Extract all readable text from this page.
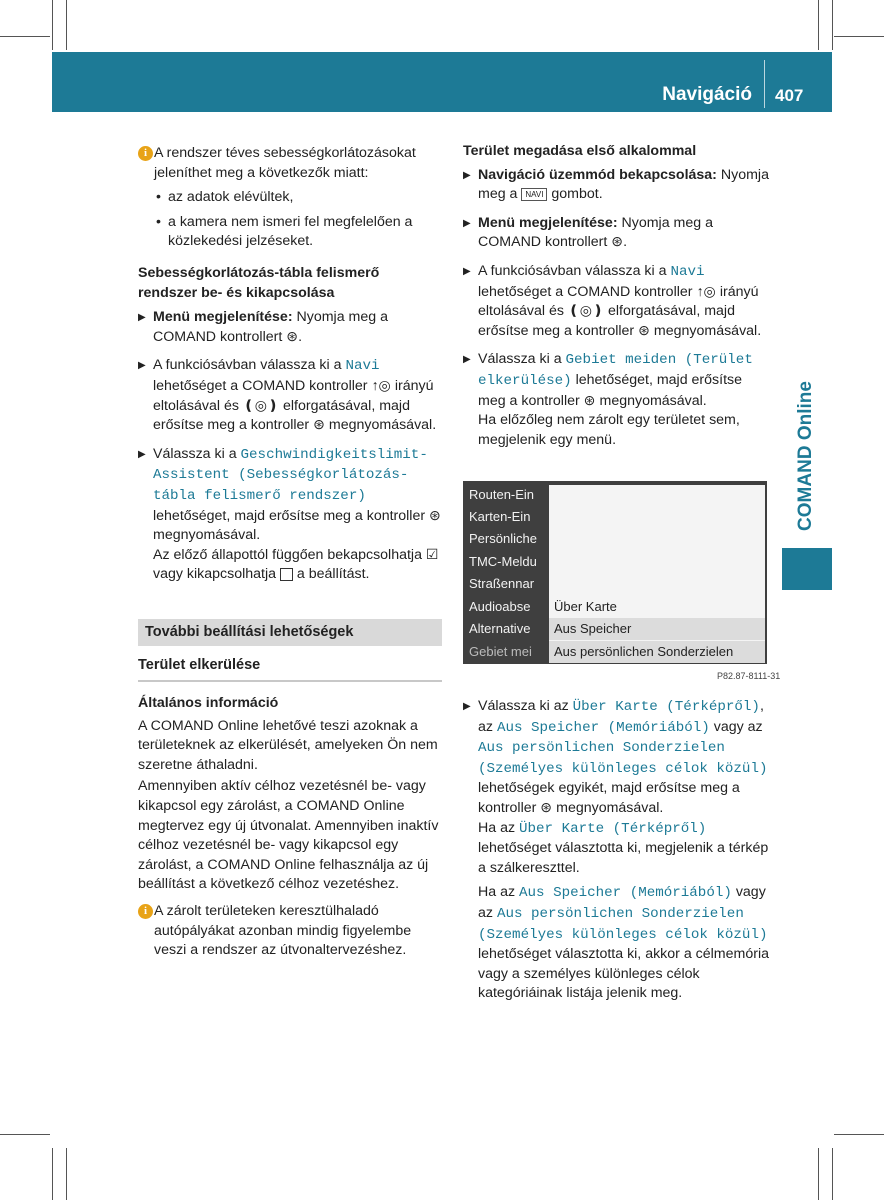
Navigáció 407
COMAND Online

i A rendszer téves sebességkorlátozásokat jeleníthet meg a következők miatt:

• az adatok elévültek,

• a kamera nem ismeri fel megfelelően a közlekedési jelzéseket.

Sebességkorlátozás-tábla felismerő rendszer be- és kikapcsolása

▶ Menü megjelenítése: Nyomja meg a COMAND kontrollert ⊛.

▶ A funkciósávban válassza ki a Navi lehetőséget a COMAND kontroller ↑◎ irányú eltolásával és ❪◎❫ elforgatásával, majd erősítse meg a kontroller ⊛ megnyomásával.

▶ Válassza ki a Geschwindigkeitslimit-Assistent (Sebességkorlátozás-tábla felismerő rendszer) lehetőséget, majd erősítse meg a kontroller ⊛ megnyomásával.
Az előző állapottól függően bekapcsolhatja ☑ vagy kikapcsolhatja  a beállítást.

További beállítási lehetőségek

Terület elkerülése

Általános információ

A COMAND Online lehetővé teszi azoknak a területeknek az elkerülését, amelyeken Ön nem szeretne áthaladni.

Amennyiben aktív célhoz vezetésnél be- vagy kikapcsol egy zárolást, a COMAND Online megtervez egy új útvonalat. Amennyiben inaktív célhoz vezetésnél be- vagy kikapcsol egy zárolást, a COMAND Online felhasználja az új beállítást a következő célhoz vezetéshez.

i A zárolt területeken keresztülhaladó autópályákat azonban mindig figyelembe veszi a rendszer az útvonaltervezéshez.

Terület megadása első alkalommal

▶ Navigáció üzemmód bekapcsolása: Nyomja meg a NAVI gombot.

▶ Menü megjelenítése: Nyomja meg a COMAND kontrollert ⊛.

▶ A funkciósávban válassza ki a Navi lehetőséget a COMAND kontroller ↑◎ irányú eltolásával és ❪◎❫ elforgatásával, majd erősítse meg a kontroller ⊛ megnyomásával.

▶ Válassza ki a Gebiet meiden (Terület elkerülése) lehetőséget, majd erősítse meg a kontroller ⊛ megnyomásával.
Ha előzőleg nem zárolt egy területet sem, megjelenik egy menü.

Routen-Ein
Karten-Ein
Persönliche
TMC-Meldu
Straßennar
Audioabse
Alternative
Gebiet mei
Über Karte
Aus Speicher
Aus persönlichen Sonderzielen
P82.87-8111-31

▶ Válassza ki az Über Karte (Térképről), az Aus Speicher (Memóriából) vagy az Aus persönlichen Sonderzielen (Személyes különleges célok közül) lehetőségek egyikét, majd erősítse meg a kontroller ⊛ megnyomásával.
Ha az Über Karte (Térképről) lehetőséget választotta ki, megjelenik a térkép a szálkereszttel.

Ha az Aus Speicher (Memóriából) vagy az Aus persönlichen Sonderzielen (Személyes különleges célok közül) lehetőséget választotta ki, akkor a célmemória vagy a személyes különleges célok kategóriáinak listája jelenik meg.
